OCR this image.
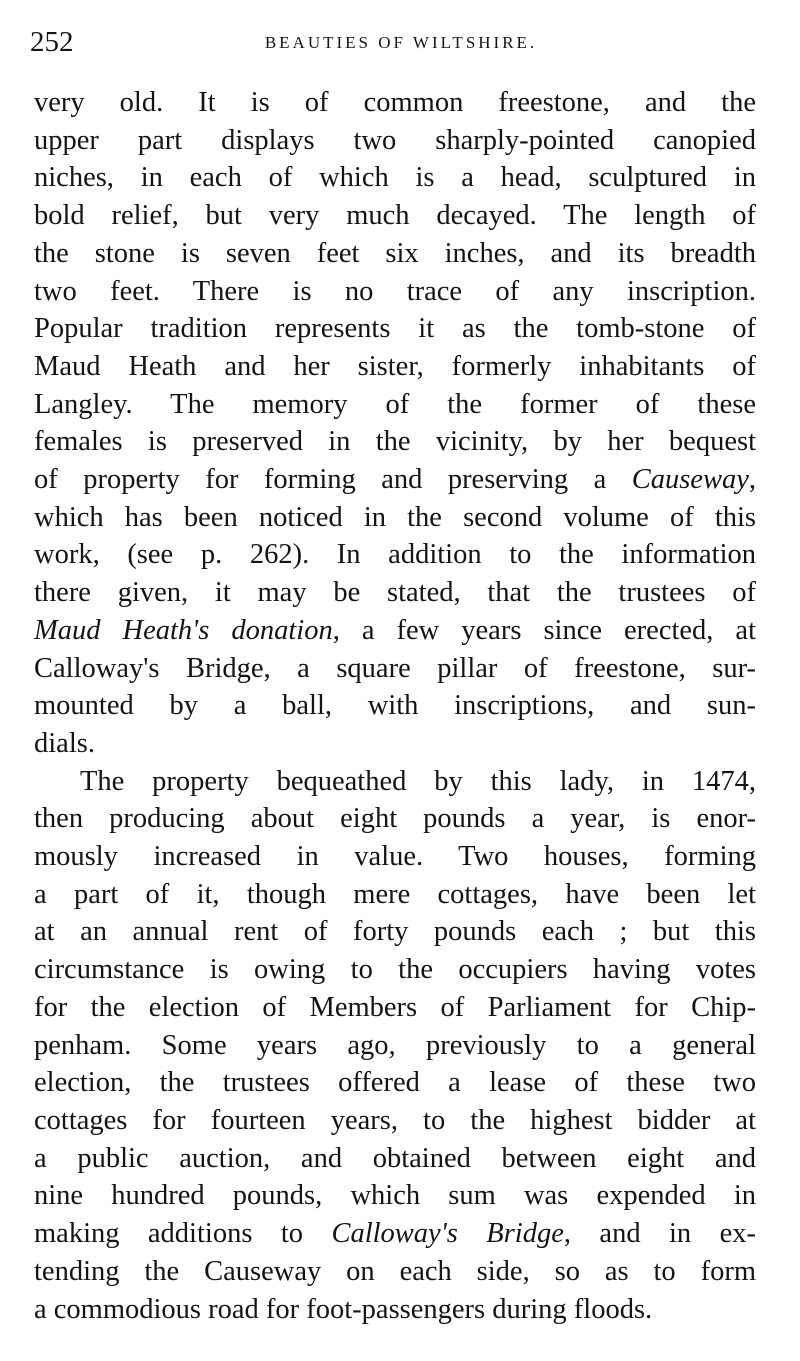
252	BEAUTIES OF WILTSHIRE.
very old. It is of common freestone, and the
upper part displays two sharply-pointed canopied
niches, in each of which is a head, sculptured in
bold relief, but very much decayed. The length of
the stone is seven feet six inches, and its breadth
two feet. There is no trace of any inscription.
Popular tradition represents it as the tomb-stone of
Maud Heath and her sister, formerly inhabitants of
Langley. The memory of the former of these
females is preserved in the vicinity, by her bequest
of property for forming and preserving a Causeway,
which has been noticed in the second volume of this
work, (see p. 262). In addition to the information
there given, it may be stated, that the trustees of
Maud Heath's donation, a few years since erected, at
Calloway's Bridge, a square pillar of freestone, sur-
mounted by a ball, with inscriptions, and sun-
dials.
The property bequeathed by this lady, in 1474,
then producing about eight pounds a year, is enor-
mously increased in value. Two houses, forming
a part of it, though mere cottages, have been let
at an annual rent of forty pounds each ; but this
circumstance is owing to the occupiers having votes
for the election of Members of Parliament for Chip-
penham. Some years ago, previously to a general
election, the trustees offered a lease of these two
cottages for fourteen years, to the highest bidder at
a public auction, and obtained between eight and
nine hundred pounds, which sum was expended in
making additions to Calloway's Bridge, and in ex-
tending the Causeway on each side, so as to form
a commodious road for foot-passengers during floods.
